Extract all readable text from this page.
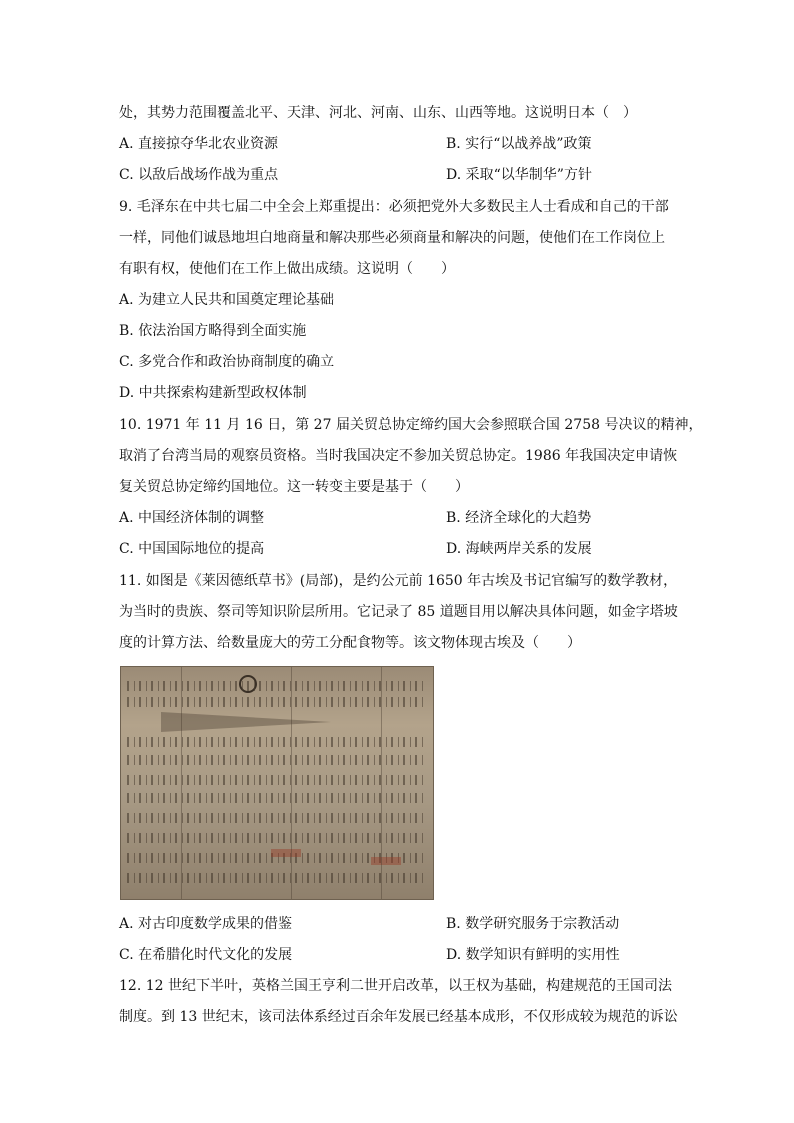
处，其势力范围覆盖北平、天津、河北、河南、山东、山西等地。这说明日本（　）
A. 直接掠夺华北农业资源	B. 实行“以战养战”政策
C. 以敌后战场作战为重点	D. 采取“以华制华”方针
9. 毛泽东在中共七届二中全会上郑重提出：必须把党外大多数民主人士看成和自己的干部
一样，同他们诚恳地坦白地商量和解决那些必须商量和解决的问题，使他们在工作岗位上
有职有权，使他们在工作上做出成绩。这说明（　　）
A. 为建立人民共和国奠定理论基础
B. 依法治国方略得到全面实施
C. 多党合作和政治协商制度的确立
D. 中共探索构建新型政权体制
10. 1971 年 11 月 16 日，第 27 届关贸总协定缔约国大会参照联合国 2758 号决议的精神，
取消了台湾当局的观察员资格。当时我国决定不参加关贸总协定。1986 年我国决定申请恢
复关贸总协定缔约国地位。这一转变主要是基于（　　）
A. 中国经济体制的调整	B. 经济全球化的大趋势
C. 中国国际地位的提高	D. 海峡两岸关系的发展
11. 如图是《莱因德纸草书》(局部)，是约公元前 1650 年古埃及书记官编写的数学教材，
为当时的贵族、祭司等知识阶层所用。它记录了 85 道题目用以解决具体问题，如金字塔坡
度的计算方法、给数量庞大的劳工分配食物等。该文物体现古埃及（　　）
A. 对古印度数学成果的借鉴	B. 数学研究服务于宗教活动
C. 在希腊化时代文化的发展	D. 数学知识有鲜明的实用性
12. 12 世纪下半叶，英格兰国王亨利二世开启改革，以王权为基础，构建规范的王国司法
制度。到 13 世纪末，该司法体系经过百余年发展已经基本成形，不仅形成较为规范的诉讼
